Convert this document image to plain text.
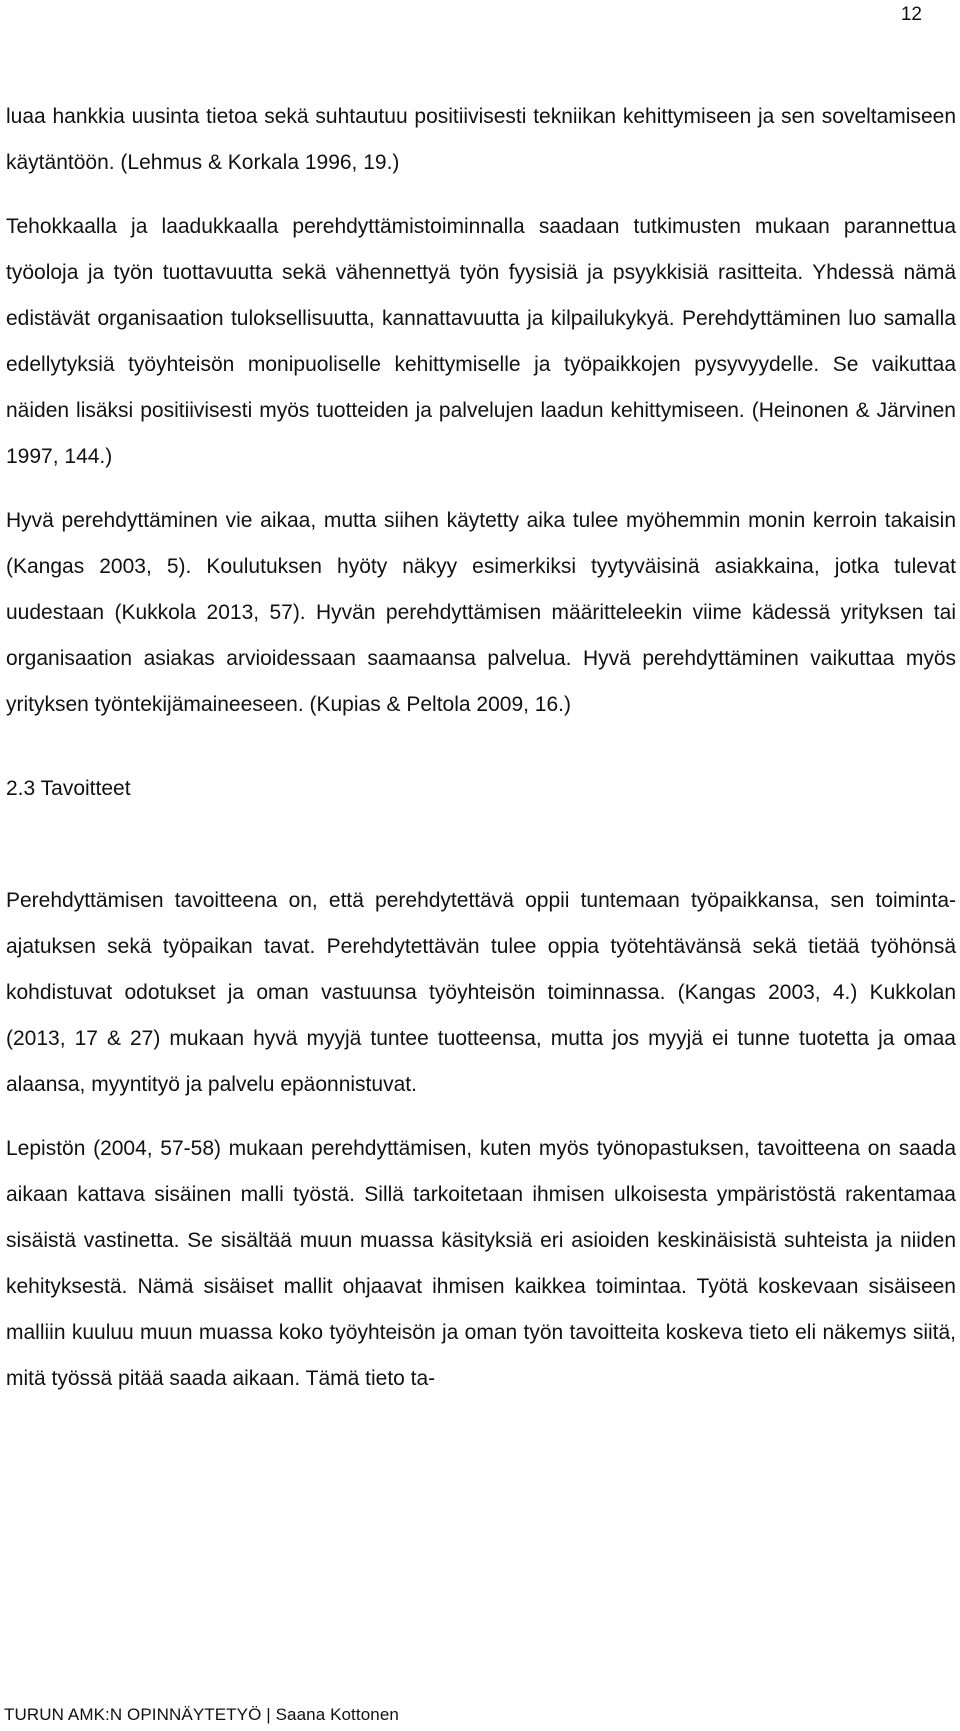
12

luaa hankkia uusinta tietoa sekä suhtautuu positiivisesti tekniikan kehittymiseen ja sen soveltamiseen käytäntöön. (Lehmus & Korkala 1996, 19.)

Tehokkaalla ja laadukkaalla perehdyttämistoiminnalla saadaan tutkimusten mukaan parannettua työoloja ja työn tuottavuutta sekä vähennettyä työn fyysisiä ja psyykkisiä rasitteita. Yhdessä nämä edistävät organisaation tuloksellisuutta, kannattavuutta ja kilpailukykyä. Perehdyttäminen luo samalla edellytyksiä työyhteisön monipuoliselle kehittymiselle ja työpaikkojen pysyvyydelle. Se vaikuttaa näiden lisäksi positiivisesti myös tuotteiden ja palvelujen laadun kehittymiseen. (Heinonen & Järvinen 1997, 144.)

Hyvä perehdyttäminen vie aikaa, mutta siihen käytetty aika tulee myöhemmin monin kerroin takaisin (Kangas 2003, 5). Koulutuksen hyöty näkyy esimerkiksi tyytyväisinä asiakkaina, jotka tulevat uudestaan (Kukkola 2013, 57). Hyvän perehdyttämisen määritteleekin viime kädessä yrityksen tai organisaation asiakas arvioidessaan saamaansa palvelua. Hyvä perehdyttäminen vaikuttaa myös yrityksen työntekijämaineeseen. (Kupias & Peltola 2009, 16.)

2.3 Tavoitteet

Perehdyttämisen tavoitteena on, että perehdytettävä oppii tuntemaan työpaikkansa, sen toiminta-ajatuksen sekä työpaikan tavat. Perehdytettävän tulee oppia työtehtävänsä sekä tietää työhönsä kohdistuvat odotukset ja oman vastuunsa työyhteisön toiminnassa. (Kangas 2003, 4.) Kukkolan (2013, 17 & 27) mukaan hyvä myyjä tuntee tuotteensa, mutta jos myyjä ei tunne tuotetta ja omaa alaansa, myyntityö ja palvelu epäonnistuvat.

Lepistön (2004, 57-58) mukaan perehdyttämisen, kuten myös työnopastuksen, tavoitteena on saada aikaan kattava sisäinen malli työstä. Sillä tarkoitetaan ihmisen ulkoisesta ympäristöstä rakentamaa sisäistä vastinetta. Se sisältää muun muassa käsityksiä eri asioiden keskinäisistä suhteista ja niiden kehityksestä. Nämä sisäiset mallit ohjaavat ihmisen kaikkea toimintaa. Työtä koskevaan sisäiseen malliin kuuluu muun muassa koko työyhteisön ja oman työn tavoitteita koskeva tieto eli näkemys siitä, mitä työssä pitää saada aikaan. Tämä tieto ta-

TURUN AMK:N OPINNÄYTETYÖ | Saana Kottonen
